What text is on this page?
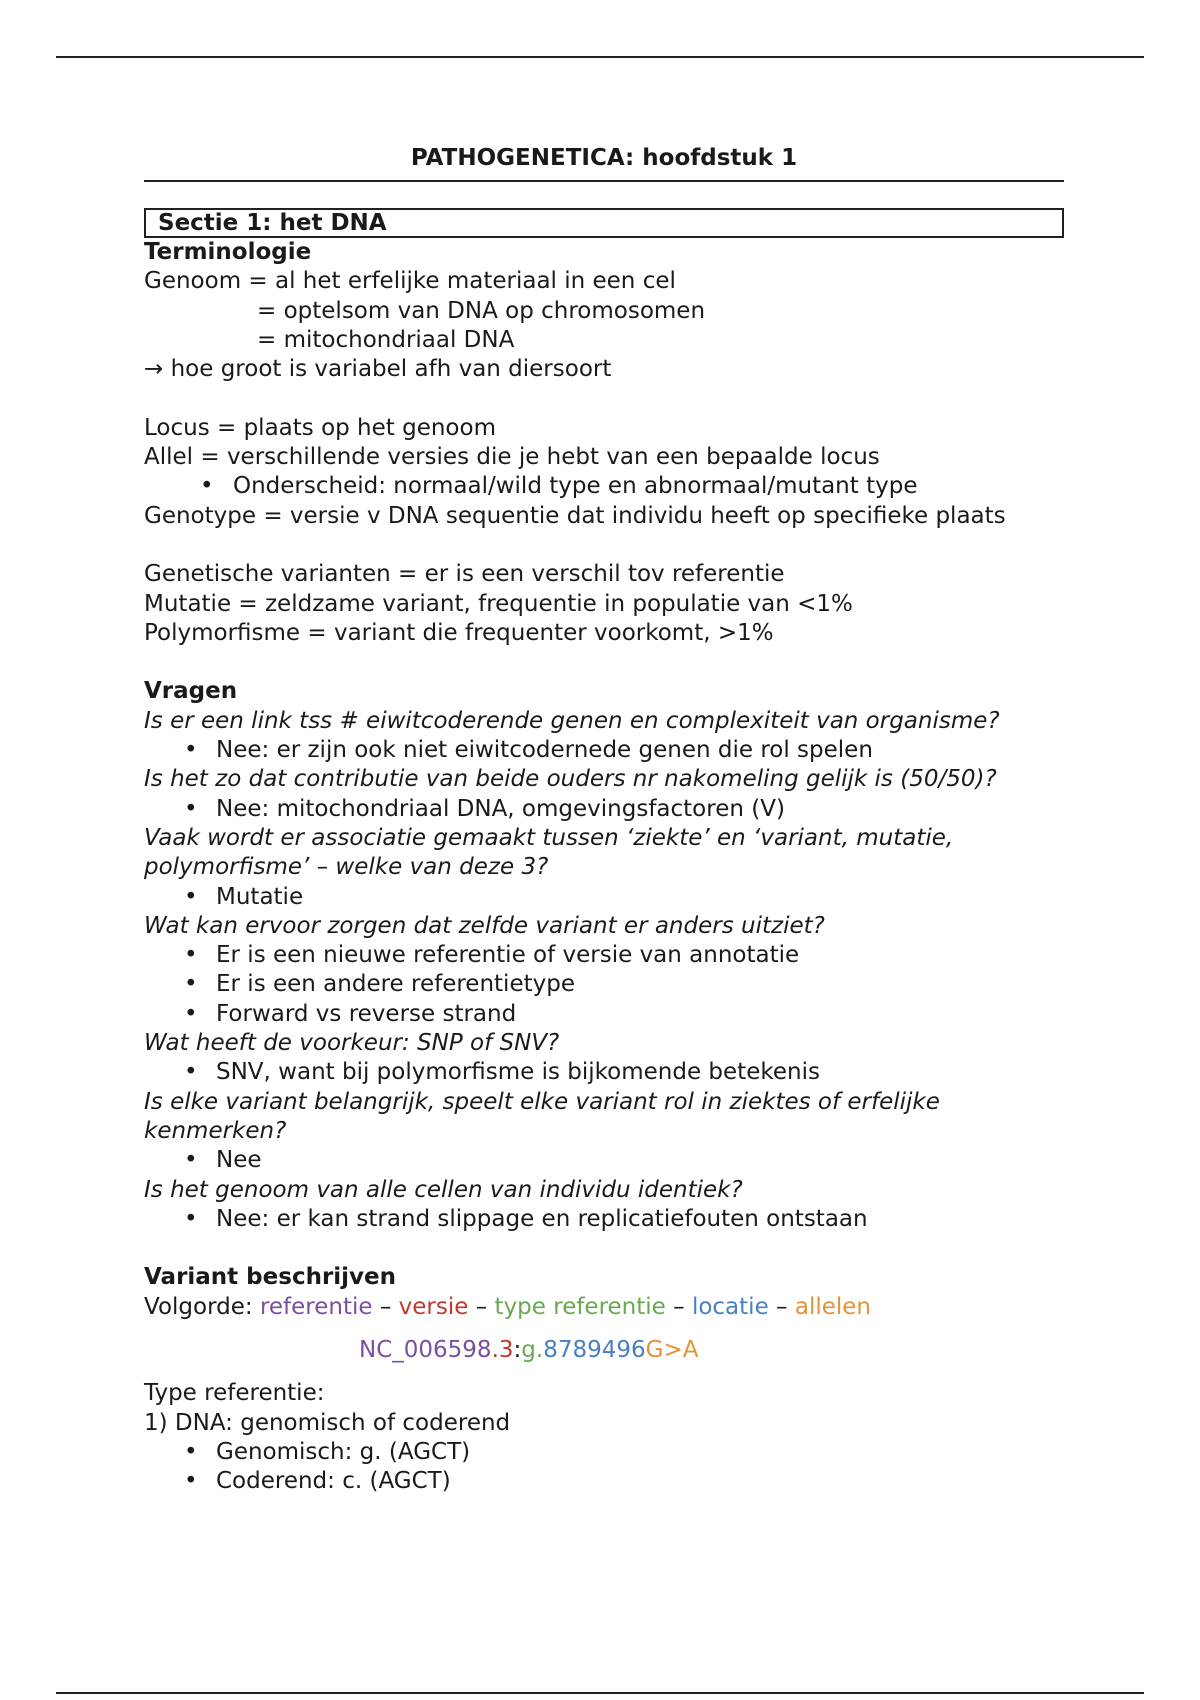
PATHOGENETICA: hoofdstuk 1
Sectie 1: het DNA
Terminologie
Genoom = al het erfelijke materiaal in een cel
= optelsom van DNA op chromosomen
= mitochondriaal DNA
→ hoe groot is variabel afh van diersoort
Locus = plaats op het genoom
Allel = verschillende versies die je hebt van een bepaalde locus
• Onderscheid: normaal/wild type en abnormaal/mutant type
Genotype = versie v DNA sequentie dat individu heeft op specifieke plaats
Genetische varianten = er is een verschil tov referentie
Mutatie = zeldzame variant, frequentie in populatie van <1%
Polymorfisme = variant die frequenter voorkomt, >1%
Vragen
Is er een link tss # eiwitcoderende genen en complexiteit van organisme?
• Nee: er zijn ook niet eiwitcodernede genen die rol spelen
Is het zo dat contributie van beide ouders nr nakomeling gelijk is (50/50)?
• Nee: mitochondriaal DNA, omgevingsfactoren (V)
Vaak wordt er associatie gemaakt tussen ‘ziekte’ en ‘variant, mutatie,
polymorfisme’ – welke van deze 3?
• Mutatie
Wat kan ervoor zorgen dat zelfde variant er anders uitziet?
• Er is een nieuwe referentie of versie van annotatie
• Er is een andere referentietype
• Forward vs reverse strand
Wat heeft de voorkeur: SNP of SNV?
• SNV, want bij polymorfisme is bijkomende betekenis
Is elke variant belangrijk, speelt elke variant rol in ziektes of erfelijke
kenmerken?
• Nee
Is het genoom van alle cellen van individu identiek?
• Nee: er kan strand slippage en replicatiefouten ontstaan
Variant beschrijven
Volgorde: referentie – versie – type referentie – locatie – allelen
NC_006598.3:g.8789496G>A
Type referentie:
1) DNA: genomisch of coderend
• Genomisch: g. (AGCT)
• Coderend: c. (AGCT)
